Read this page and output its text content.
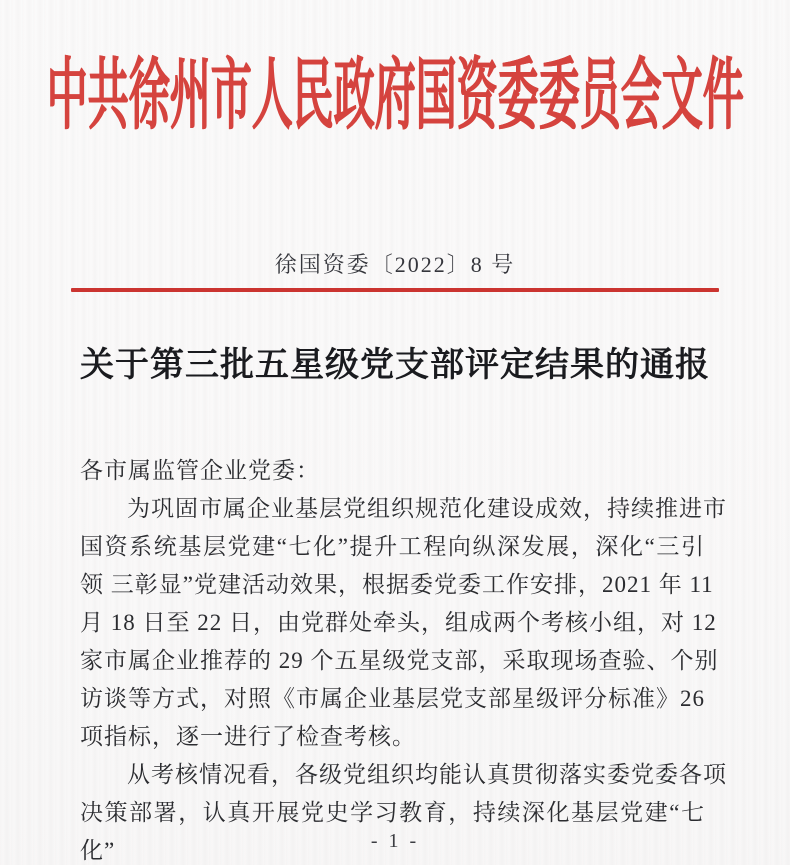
中共徐州市人民政府国资委委员会文件
徐国资委〔2022〕8 号
关于第三批五星级党支部评定结果的通报
各市属监管企业党委：
为巩固市属企业基层党组织规范化建设成效，持续推进市
国资系统基层党建“七化”提升工程向纵深发展，深化“三引
领 三彰显”党建活动效果，根据委党委工作安排，2021 年 11
月 18 日至 22 日，由党群处牵头，组成两个考核小组，对 12
家市属企业推荐的 29 个五星级党支部，采取现场查验、个别
访谈等方式，对照《市属企业基层党支部星级评分标准》26
项指标，逐一进行了检查考核。
从考核情况看，各级党组织均能认真贯彻落实委党委各项
决策部署，认真开展党史学习教育，持续深化基层党建“七化”	- 1 -
